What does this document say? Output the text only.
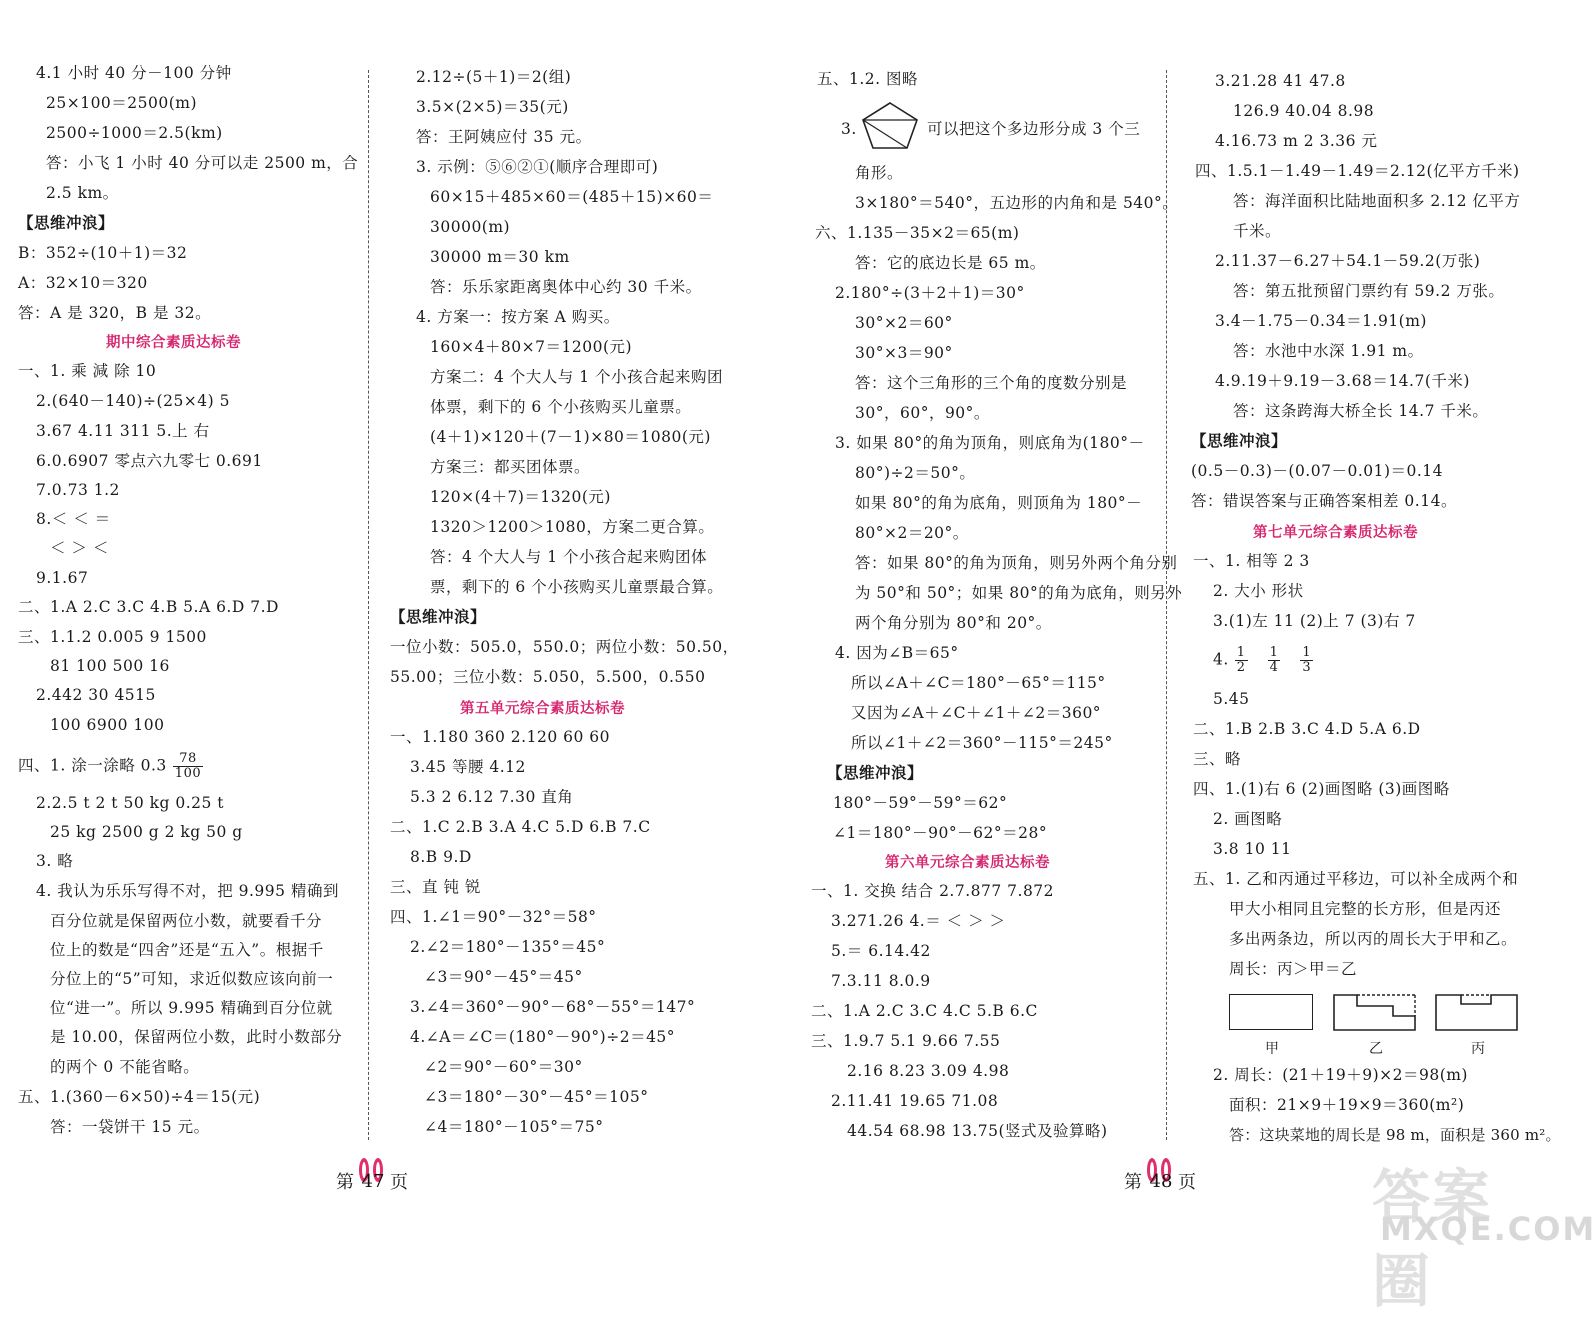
4.1 小时 40 分－100 分钟
25×100＝2500(m)
2500÷1000＝2.5(km)
答：小飞 1 小时 40 分可以走 2500 m，合
2.5 km。
【思维冲浪】
B：352÷(10＋1)＝32
A：32×10＝320
答：A 是 320，B 是 32。
期中综合素质达标卷
一、1. 乘 減 除 10
2.(640－140)÷(25×4) 5
3.67 4.11 311 5.上 右
6.0.6907 零点六九零七 0.691
7.0.73 1.2
8.＜ ＜ ＝
＜ ＞ ＜
9.1.67
二、1.A 2.C 3.C 4.B 5.A 6.D 7.D
三、1.1.2 0.005 9 1500
81 100 500 16
2.442 30 4515
100 6900 100
四、1. 涂一涂略 $0.3 \frac{78}{100}$
2.2.5 t 2 t 50 kg 0.25 t
25 kg 2500 g 2 kg 50 g
3. 略
4. 我认为乐乐写得不对，把 9.995 精确到
百分位就是保留两位小数，就要看千分
位上的数是“四舍”还是“五入”。根据千
分位上的“5”可知，求近似数应该向前一
位“进一”。所以 9.995 精确到百分位就
是 10.00，保留两位小数，此时小数部分
的两个 0 不能省略。
五、1.(360－6×50)÷4＝15(元)
答：一袋饼干 15 元。
2.12÷(5＋1)＝2(组)
3.5×(2×5)＝35(元)
答：王阿姨应付 35 元。
3. 示例：⑤⑥②①(顺序合理即可)
60×15＋485×60＝(485＋15)×60＝
30000(m)
30000 m＝30 km
答：乐乐家距离奥体中心约 30 千米。
4. 方案一：按方案 A 购买。
160×4＋80×7＝1200(元)
方案二：4 个大人与 1 个小孩合起来购团
体票，剩下的 6 个小孩购买儿童票。
(4＋1)×120＋(7－1)×80＝1080(元)
方案三：都买团体票。
120×(4＋7)＝1320(元)
1320＞1200＞1080，方案二更合算。
答：4 个大人与 1 个小孩合起来购团体
票，剩下的 6 个小孩购买儿童票最合算。
【思维冲浪】
一位小数：505.0，550.0；两位小数：50.50，
55.00；三位小数：5.050，5.500，0.550
第五单元综合素质达标卷
一、1.180 360 2.120 60 60
3.45 等腰 4.12
5.3 2 6.12 7.30 直角
二、1.C 2.B 3.A 4.C 5.D 6.B 7.C
8.B 9.D
三、直 钝 锐
四、1.∠1＝90°－32°＝58°
2.∠2＝180°－135°＝45°
∠3＝90°－45°＝45°
3.∠4＝360°－90°－68°－55°＝147°
4.∠A＝∠C＝(180°－90°)÷2＝45°
∠2＝90°－60°＝30°
∠3＝180°－30°－45°＝105°
∠4＝180°－105°＝75°
五、1.2. 图略
3.	可以把这个多边形分成 3 个三
角形。
3×180°＝540°，五边形的内角和是 540°。
六、1.135－35×2＝65(m)
答：它的底边长是 65 m。
2.180°÷(3＋2＋1)＝30°
30°×2＝60°
30°×3＝90°
答：这个三角形的三个角的度数分别是
30°，60°，90°。
3. 如果 80°的角为顶角，则底角为(180°－
80°)÷2＝50°。
如果 80°的角为底角，则顶角为 180°－
80°×2＝20°。
答：如果 80°的角为顶角，则另外两个角分别
为 50°和 50°；如果 80°的角为底角，则另外
两个角分别为 80°和 20°。
4. 因为∠B＝65°
所以∠A＋∠C＝180°－65°＝115°
又因为∠A＋∠C＋∠1＋∠2＝360°
所以∠1＋∠2＝360°－115°＝245°
【思维冲浪】
180°－59°－59°＝62°
∠1＝180°－90°－62°＝28°
第六单元综合素质达标卷
一、1. 交换 结合 2.7.877 7.872
3.271.26 4.＝ ＜ ＞ ＞
5.＝ 6.14.42
7.3.11 8.0.9
二、1.A 2.C 3.C 4.C 5.B 6.C
三、1.9.7 5.1 9.66 7.55
2.16 8.23 3.09 4.98
2.11.41 19.65 71.08
44.54 68.98 13.75(竖式及验算略)
3.21.28 41 47.8
126.9 40.04 8.98
4.16.73 m 2 3.36 元
四、1.5.1－1.49－1.49＝2.12(亿平方千米)
答：海洋面积比陆地面积多 2.12 亿平方
千米。
2.11.37－6.27＋54.1－59.2(万张)
答：第五批预留门票约有 59.2 万张。
3.4－1.75－0.34＝1.91(m)
答：水池中水深 1.91 m。
4.9.19＋9.19－3.68＝14.7(千米)
答：这条跨海大桥全长 14.7 千米。
【思维冲浪】
(0.5－0.3)－(0.07－0.01)＝0.14
答：错误答案与正确答案相差 0.14。
第七单元综合素质达标卷
一、1. 相等 2 3
2. 大小 形状
3.(1)左 11 (2)上 7 (3)右 7
4. $\frac{1}{2} \frac{1}{4} \frac{1}{3}$
5.45
二、1.B 2.B 3.C 4.D 5.A 6.D
三、略
四、1.(1)右 6 (2)画图略 (3)画图略
2. 画图略
3.8 10 11
五、1. 乙和丙通过平移边，可以补全成两个和
甲大小相同且完整的长方形，但是丙还
多出两条边，所以丙的周长大于甲和乙。
周长：丙＞甲＝乙
甲	乙	丙
2. 周长：(21＋19＋9)×2＝98(m)
面积：21×9＋19×9＝360(m²)
答：这块菜地的周长是 98 m，面积是 360 m²。
第 47 页	第 48 页	答案圈
MXQE.COM
